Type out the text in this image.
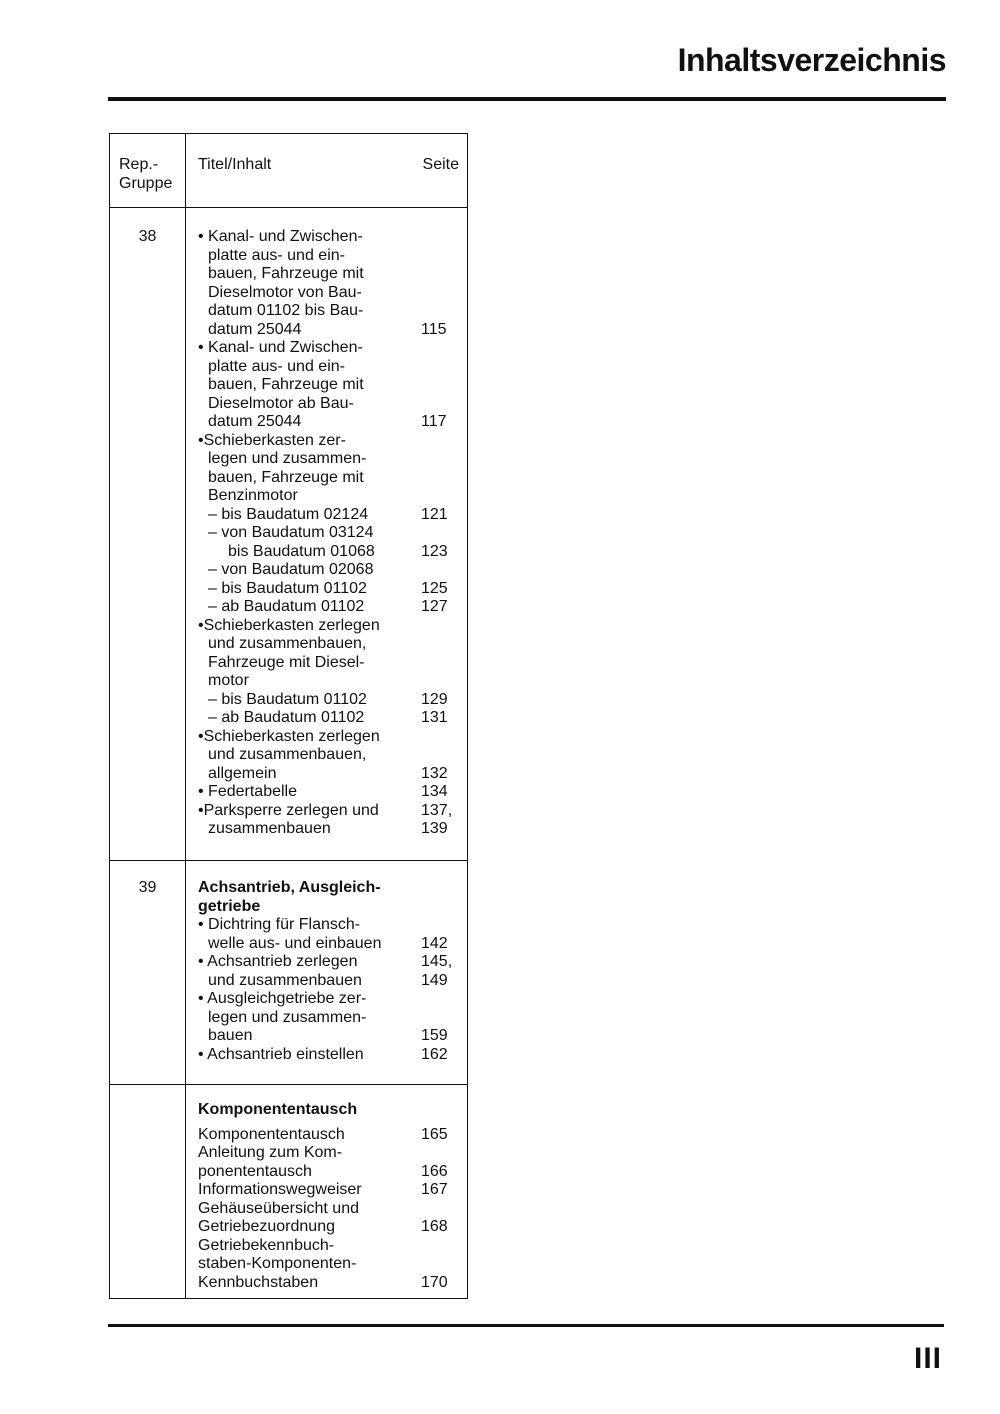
Inhaltsverzeichnis
Rep.-
Gruppe
Titel/Inhalt	Seite
38	• Kanal- und Zwischen-
platte aus- und ein-
bauen, Fahrzeuge mit
Dieselmotor von Bau-
datum 01102 bis Bau-
datum 25044	115
• Kanal- und Zwischen-
platte aus- und ein-
bauen, Fahrzeuge mit
Dieselmotor ab Bau-
datum 25044	117
•Schieberkasten zer-
legen und zusammen-
bauen, Fahrzeuge mit
Benzinmotor
– bis Baudatum 02124	121
– von Baudatum 03124
bis Baudatum 01068	123
– von Baudatum 02068
– bis Baudatum 01102	125
– ab Baudatum 01102	127
•Schieberkasten zerlegen
und zusammenbauen,
Fahrzeuge mit Diesel-
motor
– bis Baudatum 01102	129
– ab Baudatum 01102	131
•Schieberkasten zerlegen
und zusammenbauen,
allgemein	132
• Federtabelle	134
•Parksperre zerlegen und	137,
zusammenbauen	139
39	Achsantrieb, Ausgleich-
getriebe
• Dichtring für Flansch-
welle aus- und einbauen	142
• Achsantrieb zerlegen	145,
und zusammenbauen	149
• Ausgleichgetriebe zer-
legen und zusammen-
bauen	159
• Achsantrieb einstellen	162
Komponententausch
Komponententausch	165
Anleitung zum Kom-
ponententausch	166
Informationswegweiser	167
Gehäuseübersicht und
Getriebezuordnung	168
Getriebekennbuch-
staben-Komponenten-
Kennbuchstaben	170
III
